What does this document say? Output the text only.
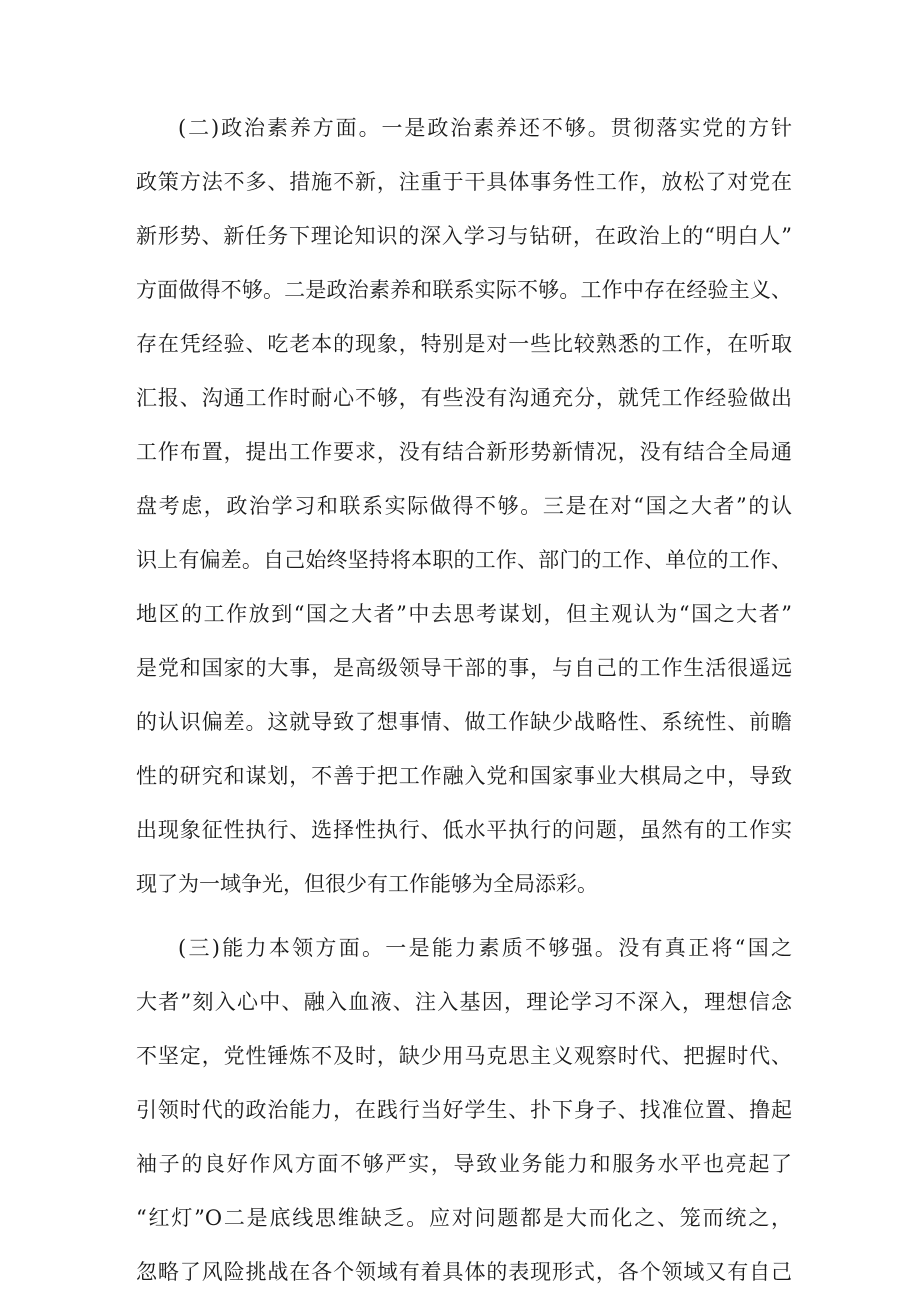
(二)政治素养方面。一是政治素养还不够。贯彻落实党的方针
政策方法不多、措施不新，注重于干具体事务性工作，放松了对党在
新形势、新任务下理论知识的深入学习与钻研，在政治上的“明白人”
方面做得不够。二是政治素养和联系实际不够。工作中存在经验主义、
存在凭经验、吃老本的现象，特别是对一些比较熟悉的工作，在听取
汇报、沟通工作时耐心不够，有些没有沟通充分，就凭工作经验做出
工作布置，提出工作要求，没有结合新形势新情况，没有结合全局通
盘考虑，政治学习和联系实际做得不够。三是在对“国之大者”的认
识上有偏差。自己始终坚持将本职的工作、部门的工作、单位的工作、
地区的工作放到“国之大者”中去思考谋划，但主观认为“国之大者”
是党和国家的大事，是高级领导干部的事，与自己的工作生活很遥远
的认识偏差。这就导致了想事情、做工作缺少战略性、系统性、前瞻
性的研究和谋划，不善于把工作融入党和国家事业大棋局之中，导致
出现象征性执行、选择性执行、低水平执行的问题，虽然有的工作实
现了为一域争光，但很少有工作能够为全局添彩。
(三)能力本领方面。一是能力素质不够强。没有真正将“国之
大者”刻入心中、融入血液、注入基因，理论学习不深入，理想信念
不坚定，党性锤炼不及时，缺少用马克思主义观察时代、把握时代、
引领时代的政治能力，在践行当好学生、扑下身子、找准位置、撸起
袖子的良好作风方面不够严实，导致业务能力和服务水平也亮起了
“红灯”O二是底线思维缺乏。应对问题都是大而化之、笼而统之，
忽略了风险挑战在各个领域有着具体的表现形式，各个领域又有自己
